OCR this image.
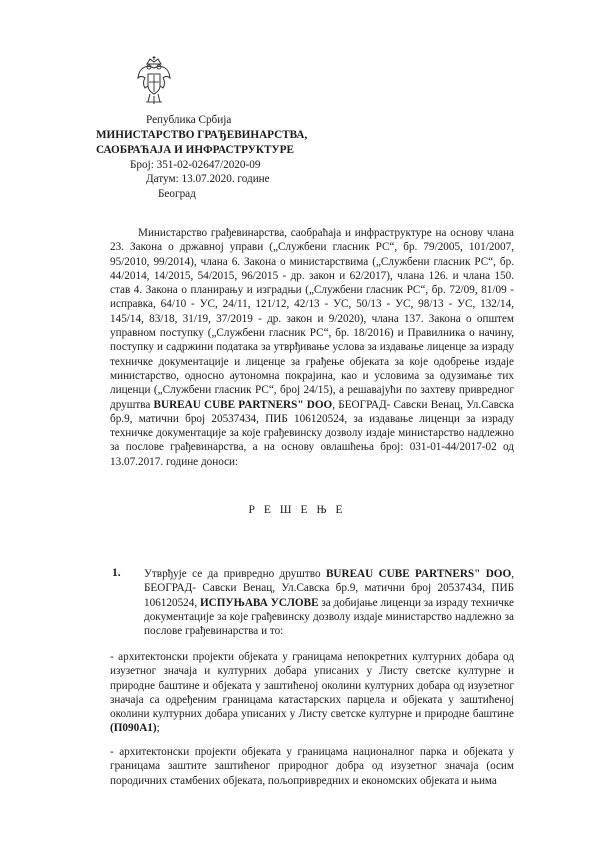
Република Србија
МИНИСТАРСТВО ГРАЂЕВИНАРСТВА,
САОБРАЋАЈА И ИНФРАСТРУКТУРЕ
Број: 351-02-02647/2020-09
Датум: 13.07.2020. године
Београд
Министарство грађевинарства, саобраћаја и инфраструктуре на основу члана 23. Закона о државној управи („Службени гласник РС“, бр. 79/2005, 101/2007, 95/2010, 99/2014), члана 6. Закона о министарствима („Службени гласник РС“, бр. 44/2014, 14/2015, 54/2015, 96/2015 - др. закон и 62/2017), члана 126. и члана 150. став 4. Закона о планирању и изградњи („Службени гласник РС“, бр. 72/09, 81/09 - исправка, 64/10 - УС, 24/11, 121/12, 42/13 - УС, 50/13 - УС, 98/13 - УС, 132/14, 145/14, 83/18, 31/19, 37/2019 - др. закон и 9/2020), члана 137. Закона о општем управном поступку („Службени гласник РС“, бр. 18/2016) и Правилника о начину, поступку и садржини података за утврђивање услова за издавање лиценце за израду техничке документације и лиценце за грађење објеката за које одобрење издаје министарство, односно аутономна покрајина, као и условима за одузимање тих лиценци („Службени гласник РС“, број 24/15), а решавајући по захтеву привредног друштва BUREAU CUBE PARTNERS" DOO, БЕОГРАД- Савски Венац, Ул.Савска бр.9, матични број 20537434, ПИБ 106120524, за издавање лиценци за израду техничке документације за које грађевинску дозволу издаје министарство надлежно за послове грађевинарства, а на основу овлашћења број: 031-01-44/2017-02 од 13.07.2017. године доноси:
РЕШЕЊЕ
1. Утврђује се да привредно друштво BUREAU CUBE PARTNERS" DOO, БЕОГРАД- Савски Венац, Ул.Савска бр.9, матични број 20537434, ПИБ 106120524, ИСПУЊАВА УСЛОВЕ за добијање лиценци за израду техничке документације за које грађевинску дозволу издаје министарство надлежно за послове грађевинарства и то:
- архитектонски пројекти објеката у границама непокретних културних добара од изузетног значаја и културних добара уписаних у Листу светске културне и природне баштине и објеката у заштићеној околини културних добара од изузетног значаја са одређеним границама катастарских парцела и објеката у заштићеној околини културних добара уписаних у Листу светске културне и природне баштине (П090А1);
- архитектонски пројекти објеката у границама националног парка и објеката у границама заштите заштићеног природног добра од изузетног значаја (осим породичних стамбених објеката, пољопривредних и економских објеката и њима
